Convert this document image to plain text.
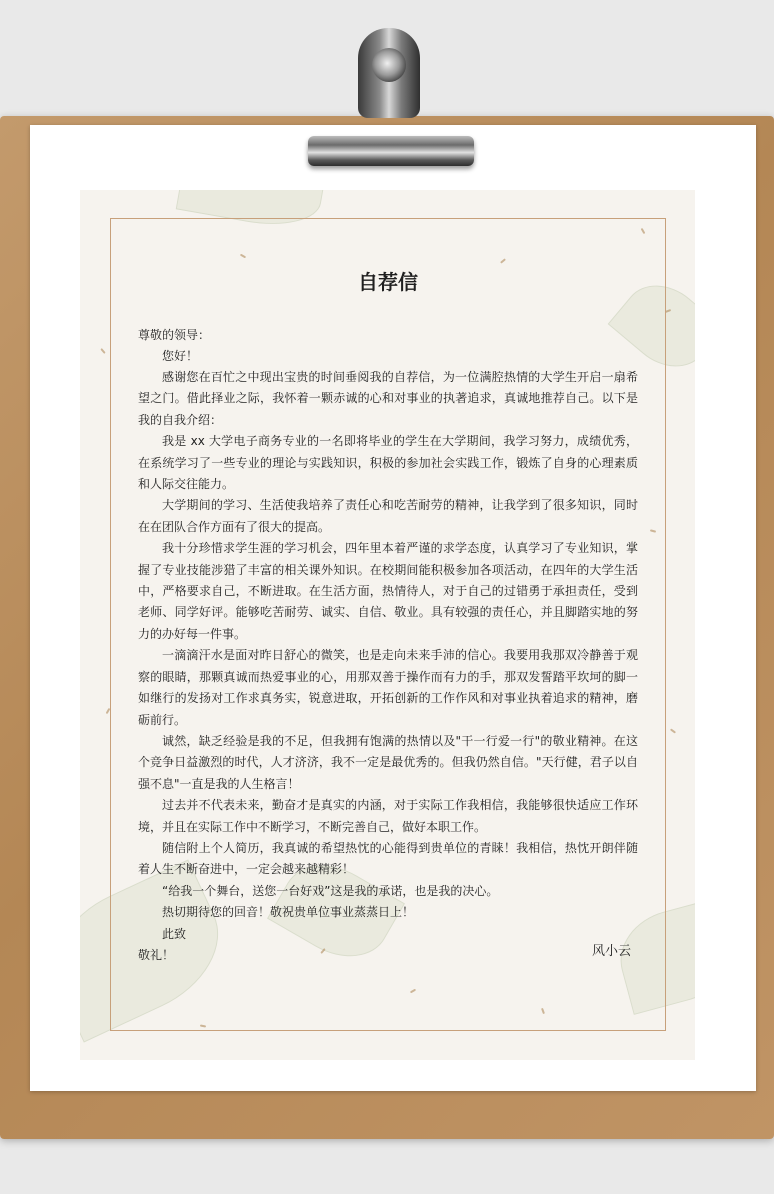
自荐信

尊敬的领导：

您好！

感谢您在百忙之中现出宝贵的时间垂阅我的自荐信，为一位满腔热情的大学生开启一扇希望之门。借此择业之际，我怀着一颗赤诚的心和对事业的执著追求，真诚地推荐自己。以下是我的自我介绍：

我是 xx 大学电子商务专业的一名即将毕业的学生在大学期间，我学习努力，成绩优秀，在系统学习了一些专业的理论与实践知识，积极的参加社会实践工作，锻炼了自身的心理素质和人际交往能力。

大学期间的学习、生活使我培养了责任心和吃苦耐劳的精神，让我学到了很多知识，同时在在团队合作方面有了很大的提高。

我十分珍惜求学生涯的学习机会，四年里本着严谨的求学态度，认真学习了专业知识，掌握了专业技能涉猎了丰富的相关课外知识。在校期间能积极参加各项活动，在四年的大学生活中，严格要求自己，不断进取。在生活方面，热情待人，对于自己的过错勇于承担责任，受到老师、同学好评。能够吃苦耐劳、诚实、自信、敬业。具有较强的责任心，并且脚踏实地的努力的办好每一件事。

一滴滴汗水是面对昨日舒心的微笑，也是走向未来手沛的信心。我要用我那双冷静善于观察的眼睛，那颗真诚而热爱事业的心，用那双善于操作而有力的手，那双发誓踏平坎坷的脚一如继行的发扬对工作求真务实，锐意进取，开拓创新的工作作风和对事业执着追求的精神，磨砺前行。

诚然，缺乏经验是我的不足，但我拥有饱满的热情以及"干一行爱一行"的敬业精神。在这个竞争日益激烈的时代，人才济济，我不一定是最优秀的。但我仍然自信。"天行健，君子以自强不息"一直是我的人生格言！

过去并不代表未来，勤奋才是真实的内涵，对于实际工作我相信，我能够很快适应工作环境，并且在实际工作中不断学习，不断完善自己，做好本职工作。

随信附上个人简历，我真诚的希望热忱的心能得到贵单位的青睐！我相信，热忱开朗伴随着人生不断奋进中，一定会越来越精彩！

“给我一个舞台，送您一台好戏”这是我的承诺，也是我的决心。

热切期待您的回音！敬祝贵单位事业蒸蒸日上！

此致

敬礼！	风小云
